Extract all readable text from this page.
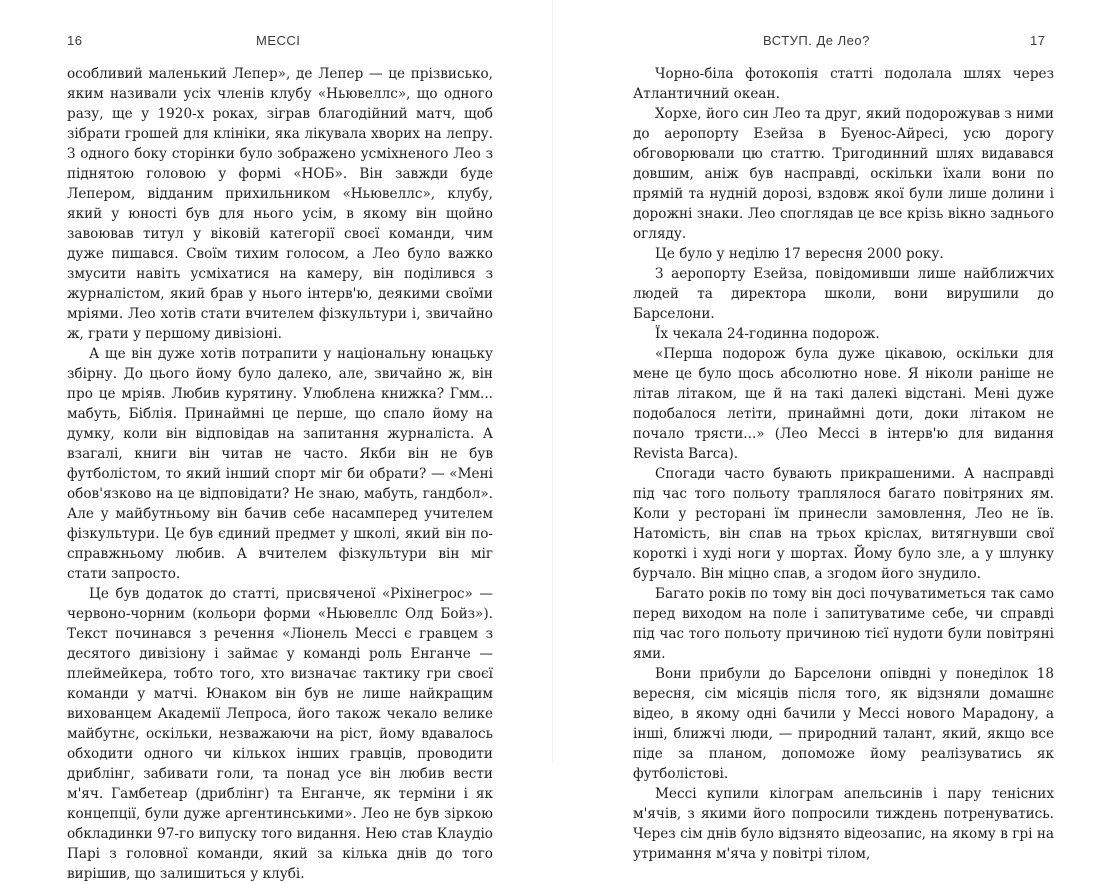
16	МЕССІ

особливий маленький Лепер», де Лепер — це прізвисько, яким називали усіх членів клубу «Ньювеллс», що одного разу, ще у 1920-х роках, зіграв благодійний матч, щоб зібрати грошей для клініки, яка лікувала хворих на лепру. З одного боку сторінки було зображено усміхненого Лео з піднятою головою у формі «НОБ». Він завжди буде Лепером, відданим прихильником «Ньювеллс», клубу, який у юності був для нього усім, в якому він щойно завоював титул у віковій категорії своєї команди, чим дуже пишався. Своїм тихим голосом, а Лео було важко змусити навіть усміхатися на камеру, він поділився з журналістом, який брав у нього інтерв'ю, деякими своїми мріями. Лео хотів стати вчителем фізкультури і, звичайно ж, грати у першому дивізіоні.

А ще він дуже хотів потрапити у національну юнацьку збірну. До цього йому було далеко, але, звичайно ж, він про це мріяв. Любив курятину. Улюблена книжка? Гмм... мабуть, Біблія. Принаймні це перше, що спало йому на думку, коли він відповідав на запитання журналіста. А взагалі, книги він читав не часто. Якби він не був футболістом, то який інший спорт міг би обрати? — «Мені обов'язково на це відповідати? Не знаю, мабуть, гандбол». Але у майбутньому він бачив себе насамперед учителем фізкультури. Це був єдиний предмет у школі, який він по-справжньому любив. А вчителем фізкультури він міг стати запросто.

Це був додаток до статті, присвяченої «Ріхінегрос» — червоно-чорним (кольори форми «Ньювеллс Олд Бойз»). Текст починався з речення «Ліонель Мессі є гравцем з десятого дивізіону і займає у команді роль Енганче — плеймейкера, тобто того, хто визначає тактику гри своєї команди у матчі. Юнаком він був не лише найкращим вихованцем Академії Лепроса, його також чекало велике майбутнє, оскільки, незважаючи на ріст, йому вдавалось обходити одного чи кількох інших гравців, проводити дриблінг, забивати голи, та понад усе він любив вести м'яч. Гамбетеар (дриблінг) та Енганче, як терміни і як концепції, були дуже аргентинськими». Лео не був зіркою обкладинки 97-го випуску того видання. Нею став Клаудіо Парі з головної команди, який за кілька днів до того вирішив, що залишиться у клубі.

ВСТУП. Де Лео?	17

Чорно-біла фотокопія статті подолала шлях через Атлантичний океан.

Хорхе, його син Лео та друг, який подорожував з ними до аеропорту Езейза в Буенос-Айресі, усю дорогу обговорювали цю статтю. Тригодинний шлях видавався довшим, аніж був насправді, оскільки їхали вони по прямій та нудній дорозі, вздовж якої були лише долини і дорожні знаки. Лео споглядав це все крізь вікно заднього огляду.

Це було у неділю 17 вересня 2000 року.

З аеропорту Езейза, повідомивши лише найближчих людей та директора школи, вони вирушили до Барселони.

Їх чекала 24-годинна подорож.

«Перша подорож була дуже цікавою, оскільки для мене це було щось абсолютно нове. Я ніколи раніше не літав літаком, ще й на такі далекі відстані. Мені дуже подобалося летіти, принаймні доти, доки літаком не почало трясти...» (Лео Мессі в інтерв'ю для видання Revista Barca).

Спогади часто бувають прикрашеними. А насправді під час того польоту траплялося багато повітряних ям. Коли у ресторані їм принесли замовлення, Лео не їв. Натомість, він спав на трьох кріслах, витягнувши свої короткі і худі ноги у шортах. Йому було зле, а у шлунку бурчало. Він міцно спав, а згодом його знудило.

Багато років по тому він досі почуватиметься так само перед виходом на поле і запитуватиме себе, чи справді під час того польоту причиною тієї нудоти були повітряні ями.

Вони прибули до Барселони опівдні у понеділок 18 вересня, сім місяців після того, як відзняли домашнє відео, в якому одні бачили у Мессі нового Марадону, а інші, ближчі люди, — природний талант, який, якщо все піде за планом, допоможе йому реалізуватись як футболістові.

Мессі купили кілограм апельсинів і пару тенісних м'ячів, з якими його попросили тиждень потренуватись. Через сім днів було відзнято відеозапис, на якому в грі на утримання м'яча у повітрі тілом,
